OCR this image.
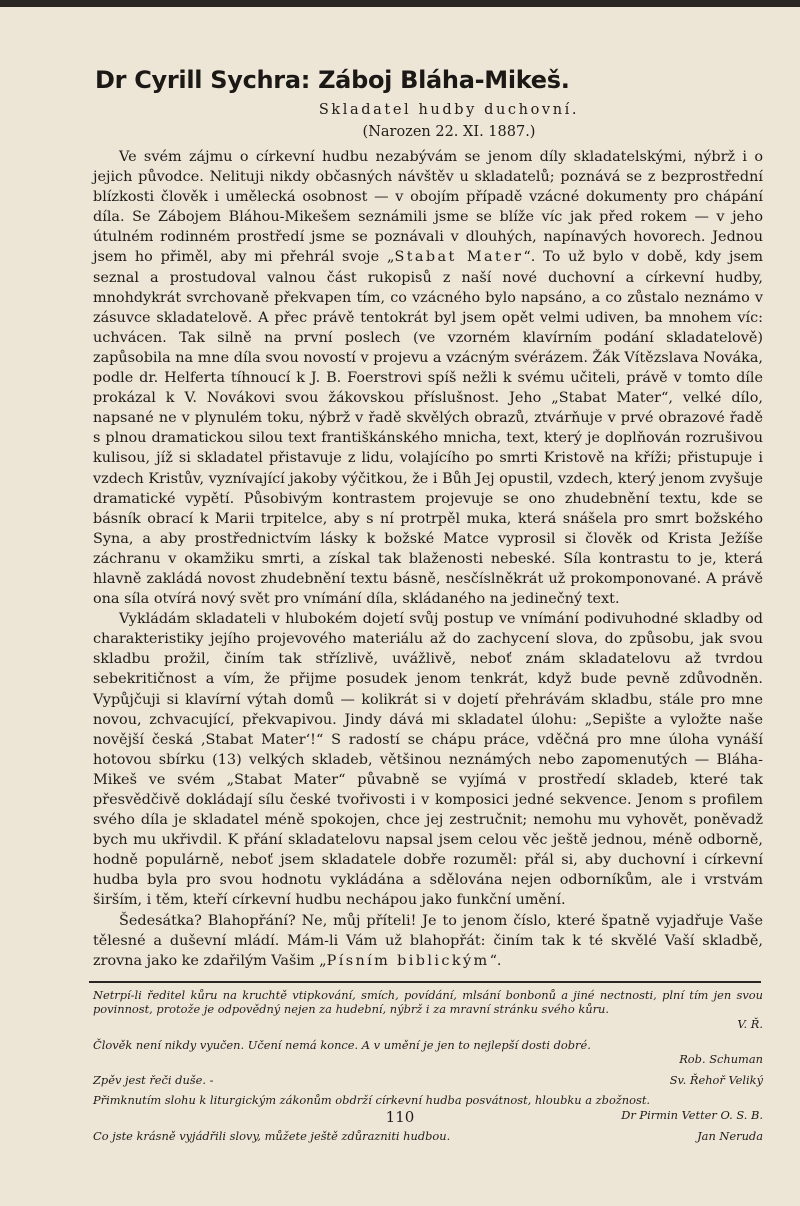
Dr Cyrill Sychra: Záboj Bláha-Mikeš.
Skladatel hudby duchovní.
(Narozen 22. XI. 1887.)

Ve svém zájmu o církevní hudbu nezabývám se jenom díly skladatelskými, nýbrž i o jejich původce. Nelituji nikdy občasných návštěv u skladatelů; poznává se z bezprostřední blízkosti člověk i umělecká osobnost — v obojím případě vzácné dokumenty pro chápání díla. Se Zábojem Bláhou-Mikešem seznámili jsme se blíže víc jak před rokem — v jeho útulném rodinném prostředí jsme se poznávali v dlouhých, napínavých hovorech. Jednou jsem ho přiměl, aby mi přehrál svoje „Stabat Mater“. To už bylo v době, kdy jsem seznal a prostudoval valnou část rukopisů z naší nové duchovní a církevní hudby, mnohdykrát svrchovaně překvapen tím, co vzácného bylo napsáno, a co zůstalo neznámo v zásuvce skladatelově. A přec právě tentokrát byl jsem opět velmi udiven, ba mnohem víc: uchvácen. Tak silně na první poslech (ve vzorném klavírním podání skladatelově) zapůsobila na mne díla svou novostí v projevu a vzácným svérázem. Žák Vítězslava Nováka, podle dr. Helferta tíhnoucí k J. B. Foerstrovi spíš nežli k svému učiteli, právě v tomto díle prokázal k V. Novákovi svou žákovskou příslušnost. Jeho „Stabat Mater“, velké dílo, napsané ne v plynulém toku, nýbrž v řadě skvělých obrazů, ztvárňuje v prvé obrazové řadě s plnou dramatickou silou text františkánského mnicha, text, který je doplňován rozrušivou kulisou, jíž si skladatel přistavuje z lidu, volajícího po smrti Kristově na kříži; přistupuje i vzdech Kristův, vyznívající jakoby výčitkou, že i Bůh Jej opustil, vzdech, který jenom zvyšuje dramatické vypětí. Působivým kontrastem projevuje se ono zhudebnění textu, kde se básník obrací k Marii trpitelce, aby s ní protrpěl muka, která snášela pro smrt božského Syna, a aby prostřednictvím lásky k božské Matce vyprosil si člověk od Krista Ježíše záchranu v okamžiku smrti, a získal tak blaženosti nebeské. Síla kontrastu to je, která hlavně zakládá novost zhudebnění textu básně, nesčíslněkrát už prokomponované. A právě ona síla otvírá nový svět pro vnímání díla, skládaného na jedinečný text.

Vykládám skladateli v hlubokém dojetí svůj postup ve vnímání podivuhodné skladby od charakteristiky jejího projevového materiálu až do zachycení slova, do způsobu, jak svou skladbu prožil, činím tak střízlivě, uvážlivě, neboť znám skladatelovu až tvrdou sebekritičnost a vím, že přijme posudek jenom tenkrát, když bude pevně zdůvodněn. Vypůjčuji si klavírní výtah domů — kolikrát si v dojetí přehrávám skladbu, stále pro mne novou, zchvacující, překvapivou. Jindy dává mi skladatel úlohu: „Sepište a vyložte naše novější česká ‚Stabat Mater‘!“ S radostí se chápu práce, vděčná pro mne úloha vynáší hotovou sbírku (13) velkých skladeb, většinou neznámých nebo zapomenutých — Bláha-Mikeš ve svém „Stabat Mater“ půvabně se vyjímá v prostředí skladeb, které tak přesvědčivě dokládají sílu české tvořivosti i v komposici jedné sekvence. Jenom s profilem svého díla je skladatel méně spokojen, chce jej zestručnit; nemohu mu vyhovět, poněvadž bych mu ukřivdil. K přání skladatelovu napsal jsem celou věc ještě jednou, méně odborně, hodně populárně, neboť jsem skladatele dobře rozuměl: přál si, aby duchovní i církevní hudba byla pro svou hodnotu vykládána a sdělována nejen odborníkům, ale i vrstvám širším, i těm, kteří církevní hudbu nechápou jako funkční umění.

Šedesátka? Blahopřání? Ne, můj příteli! Je to jenom číslo, které špatně vyjadřuje Vaše tělesné a duševní mládí. Mám-li Vám už blahopřát: činím tak k té skvělé Vaší skladbě, zrovna jako ke zdařilým Vašim „Písním biblickým“.

Netrpí-li ředitel kůru na kruchtě vtipkování, smích, povídání, mlsání bonbonů a jiné nectnosti, plní tím jen svou povinnost, protože je odpovědný nejen za hudební, nýbrž i za mravní stránku svého kůru.
V. Ř.
Člověk není nikdy vyučen. Učení nemá konce. A v umění je jen to nejlepší dosti dobré.
Rob. Schuman
Zpěv jest řeči duše. -	Sv. Řehoř Veliký
Přimknutím slohu k liturgickým zákonům obdrží církevní hudba posvátnost, hloubku a zbožnost.
Dr Pirmin Vetter O. S. B.
Co jste krásně vyjádřili slovy, můžete ještě zdůrazniti hudbou.	Jan Neruda
110
